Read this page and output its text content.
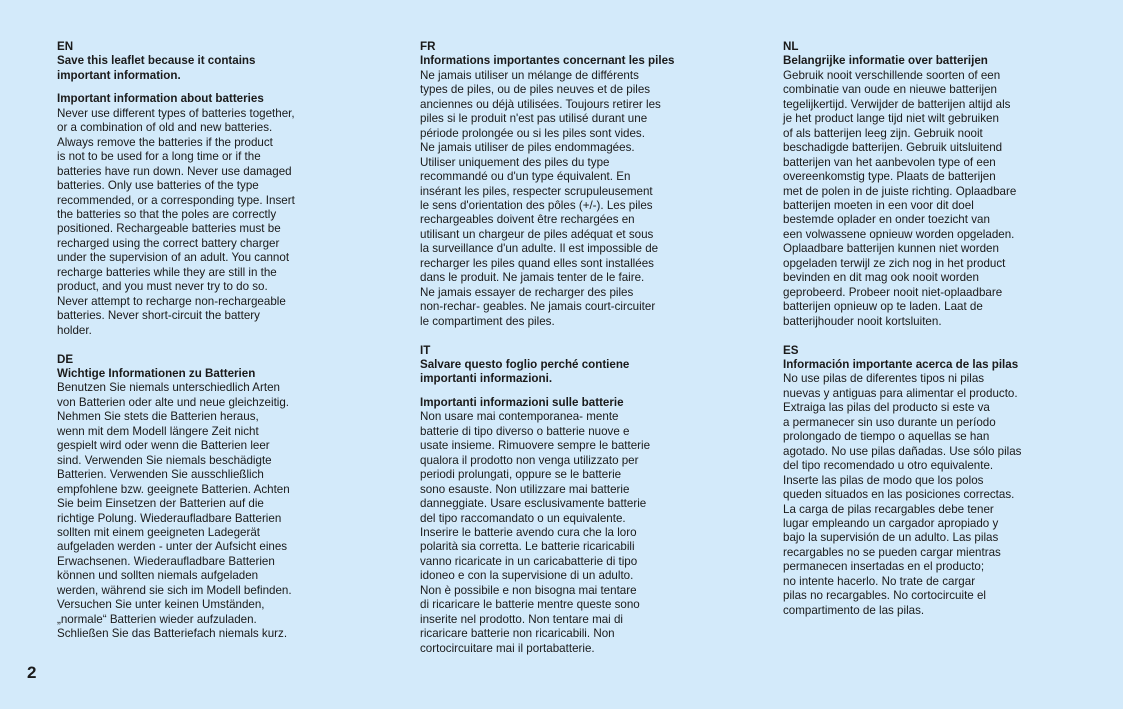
EN
Save this leaflet because it contains
important information.
Important information about batteries
Never use different types of batteries together,
or a combination of old and new batteries.
Always remove the batteries if the product
is not to be used for a long time or if the
batteries have run down. Never use damaged
batteries. Only use batteries of the type
recommended, or a corresponding type. Insert
the batteries so that the poles are correctly
positioned. Rechargeable batteries must be
recharged using the correct battery charger
under the supervision of an adult. You cannot
recharge batteries while they are still in the
product, and you must never try to do so.
Never attempt to recharge non-rechargeable
batteries. Never short-circuit the battery
holder.
DE
Wichtige Informationen zu Batterien
Benutzen Sie niemals unterschiedlich Arten
von Batterien oder alte und neue gleichzeitig.
Nehmen Sie stets die Batterien heraus,
wenn mit dem Modell längere Zeit nicht
gespielt wird oder wenn die Batterien leer
sind. Verwenden Sie niemals beschädigte
Batterien. Verwenden Sie ausschließlich
empfohlene bzw. geeignete Batterien. Achten
Sie beim Einsetzen der Batterien auf die
richtige Polung. Wiederaufladbare Batterien
sollten mit einem geeigneten Ladegerät
aufgeladen werden - unter der Aufsicht eines
Erwachsenen. Wiederaufladbare Batterien
können und sollten niemals aufgeladen
werden, während sie sich im Modell befinden.
Versuchen Sie unter keinen Umständen,
„normale“ Batterien wieder aufzuladen.
Schließen Sie das Batteriefach niemals kurz.
FR
Informations importantes concernant les piles
Ne jamais utiliser un mélange de différents
types de piles, ou de piles neuves et de piles
anciennes ou déjà utilisées. Toujours retirer les
piles si le produit n'est pas utilisé durant une
période prolongée ou si les piles sont vides.
Ne jamais utiliser de piles endommagées.
Utiliser uniquement des piles du type
recommandé ou d'un type équivalent. En
insérant les piles, respecter scrupuleusement
le sens d'orientation des pôles (+/-). Les piles
rechargeables doivent être rechargées en
utilisant un chargeur de piles adéquat et sous
la surveillance d'un adulte. Il est impossible de
recharger les piles quand elles sont installées
dans le produit. Ne jamais tenter de le faire.
Ne jamais essayer de recharger des piles
non-rechar- geables. Ne jamais court-circuiter
le compartiment des piles.
IT
Salvare questo foglio perché contiene
importanti informazioni.
Importanti informazioni sulle batterie
Non usare mai contemporanea- mente
batterie di tipo diverso o batterie nuove e
usate insieme. Rimuovere sempre le batterie
qualora il prodotto non venga utilizzato per
periodi prolungati, oppure se le batterie
sono esauste. Non utilizzare mai batterie
danneggiate. Usare esclusivamente batterie
del tipo raccomandato o un equivalente.
Inserire le batterie avendo cura che la loro
polarità sia corretta. Le batterie ricaricabili
vanno ricaricate in un caricabatterie di tipo
idoneo e con la supervisione di un adulto.
Non è possibile e non bisogna mai tentare
di ricaricare le batterie mentre queste sono
inserite nel prodotto. Non tentare mai di
ricaricare batterie non ricaricabili. Non
cortocircuitare mai il portabatterie.
NL
Belangrijke informatie over batterijen
Gebruik nooit verschillende soorten of een
combinatie van oude en nieuwe batterijen
tegelijkertijd. Verwijder de batterijen altijd als
je het product lange tijd niet wilt gebruiken
of als batterijen leeg zijn. Gebruik nooit
beschadigde batterijen. Gebruik uitsluitend
batterijen van het aanbevolen type of een
overeenkomstig type. Plaats de batterijen
met de polen in de juiste richting. Oplaadbare
batterijen moeten in een voor dit doel
bestemde oplader en onder toezicht van
een volwassene opnieuw worden opgeladen.
Oplaadbare batterijen kunnen niet worden
opgeladen terwijl ze zich nog in het product
bevinden en dit mag ook nooit worden
geprobeerd. Probeer nooit niet-oplaadbare
batterijen opnieuw op te laden. Laat de
batterijhouder nooit kortsluiten.
ES
Información importante acerca de las pilas
No use pilas de diferentes tipos ni pilas
nuevas y antiguas para alimentar el producto.
Extraiga las pilas del producto si este va
a permanecer sin uso durante un período
prolongado de tiempo o aquellas se han
agotado. No use pilas dañadas. Use sólo pilas
del tipo recomendado u otro equivalente.
Inserte las pilas de modo que los polos
queden situados en las posiciones correctas.
La carga de pilas recargables debe tener
lugar empleando un cargador apropiado y
bajo la supervisión de un adulto. Las pilas
recargables no se pueden cargar mientras
permanecen insertadas en el producto;
no intente hacerlo. No trate de cargar
pilas no recargables. No cortocircuite el
compartimento de las pilas.
2
